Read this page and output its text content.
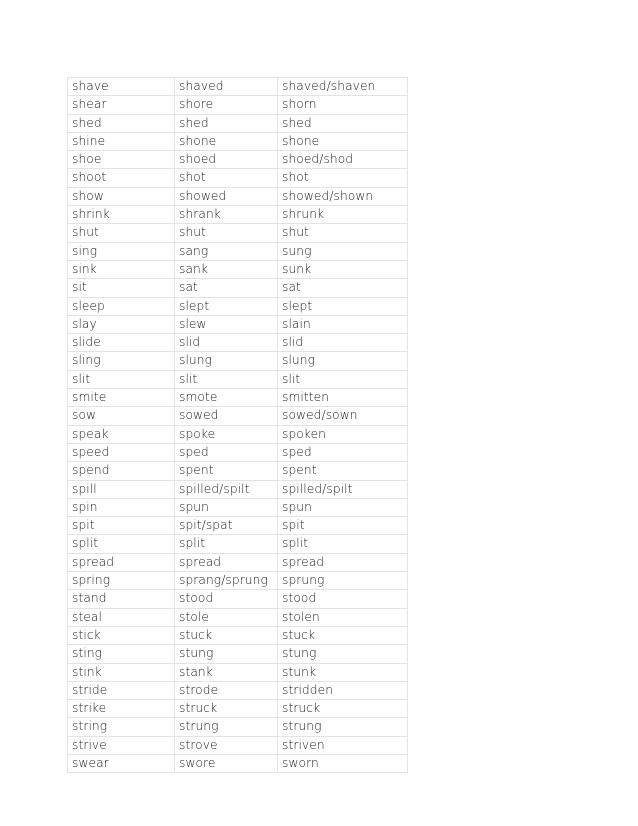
shave	shaved	shaved/shaven
shear	shore	shorn
shed	shed	shed
shine	shone	shone
shoe	shoed	shoed/shod
shoot	shot	shot
show	showed	showed/shown
shrink	shrank	shrunk
shut	shut	shut
sing	sang	sung
sink	sank	sunk
sit	sat	sat
sleep	slept	slept
slay	slew	slain
slide	slid	slid
sling	slung	slung
slit	slit	slit
smite	smote	smitten
sow	sowed	sowed/sown
speak	spoke	spoken
speed	sped	sped
spend	spent	spent
spill	spilled/spilt	spilled/spilt
spin	spun	spun
spit	spit/spat	spit
split	split	split
spread	spread	spread
spring	sprang/sprung	sprung
stand	stood	stood
steal	stole	stolen
stick	stuck	stuck
sting	stung	stung
stink	stank	stunk
stride	strode	stridden
strike	struck	struck
string	strung	strung
strive	strove	striven
swear	swore	sworn
